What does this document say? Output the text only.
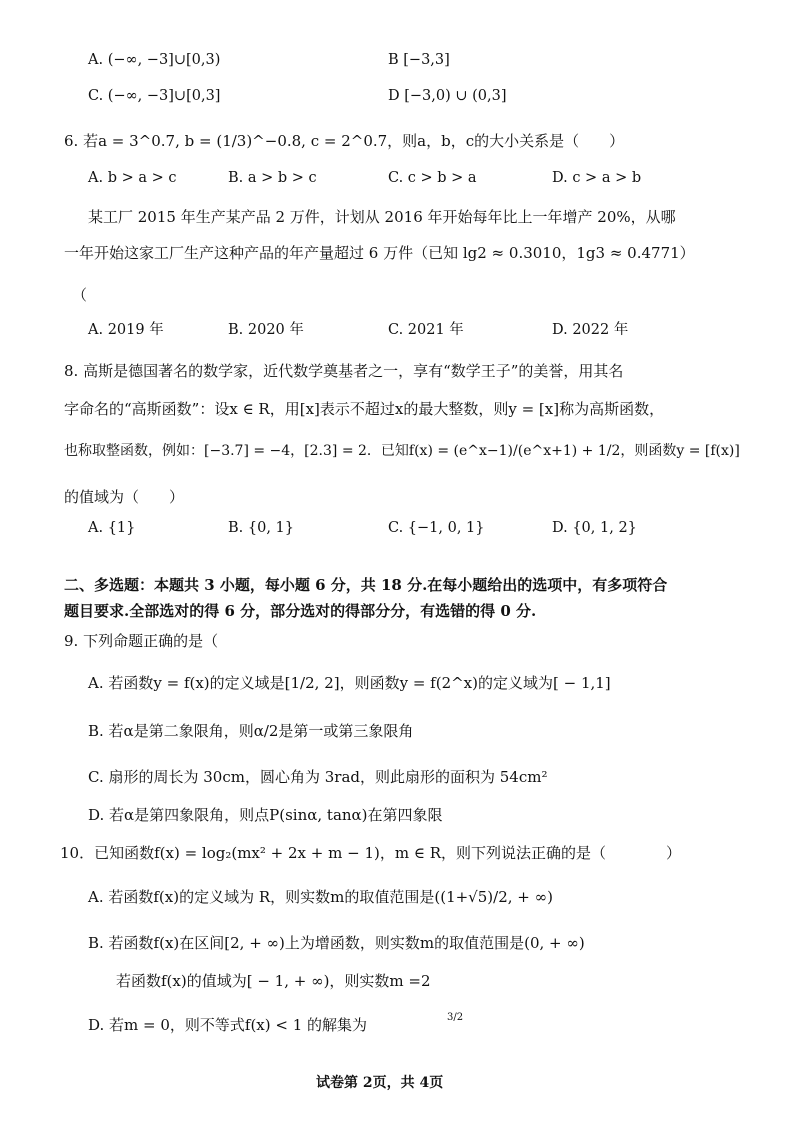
A. (−∞, −3]∪[0,3)	B [−3,3]
C. (−∞, −3]∪[0,3]	D [−3,0) ∪ (0,3]
6. 若a = 3^0.7, b = (1/3)^−0.8, c = 2^0.7，则a，b，c的大小关系是（　　）
A. b > a > c	B. a > b > c	C. c > b > a	D. c > a > b
某工厂 2015 年生产某产品 2 万件，计划从 2016 年开始每年比上一年增产 20%，从哪
一年开始这家工厂生产这种产品的年产量超过 6 万件（已知 lg2 ≈ 0.3010，1g3 ≈ 0.4771）
（
A. 2019 年	B. 2020 年	C. 2021 年	D. 2022 年
8. 高斯是德国著名的数学家，近代数学奠基者之一，享有“数学王子”的美誉，用其名
字命名的“高斯函数”：设x ∈ R，用[x]表示不超过x的最大整数，则y = [x]称为高斯函数，
也称取整函数，例如：[−3.7] = −4，[2.3] = 2．已知f(x) = (e^x−1)/(e^x+1) + 1/2，则函数y = [f(x)]
的值域为（　　）
A. {1}	B. {0, 1}	C. {−1, 0, 1}	D. {0, 1, 2}
二、多选题：本题共 3 小题，每小题 6 分，共 18 分.在每小题给出的选项中，有多项符合
题目要求.全部选对的得 6 分，部分选对的得部分分，有选错的得 0 分.
9. 下列命题正确的是（
A. 若函数y = f(x)的定义域是[1/2, 2]，则函数y = f(2^x)的定义域为[ − 1,1]
B. 若α是第二象限角，则α/2是第一或第三象限角
C. 扇形的周长为 30cm，圆心角为 3rad，则此扇形的面积为 54cm²
D. 若α是第四象限角，则点P(sinα, tanα)在第四象限
10．已知函数f(x) = log₂(mx² + 2x + m − 1)，m ∈ R，则下列说法正确的是（　　　　）
A. 若函数f(x)的定义域为 R，则实数m的取值范围是((1+√5)/2, + ∞)
B. 若函数f(x)在区间[2, + ∞)上为增函数，则实数m的取值范围是(0, + ∞)
若函数f(x)的值域为[ − 1, + ∞)，则实数m =2
D. 若m = 0，则不等式f(x) < 1 的解集为	3/2
试卷第 2页，共 4页
